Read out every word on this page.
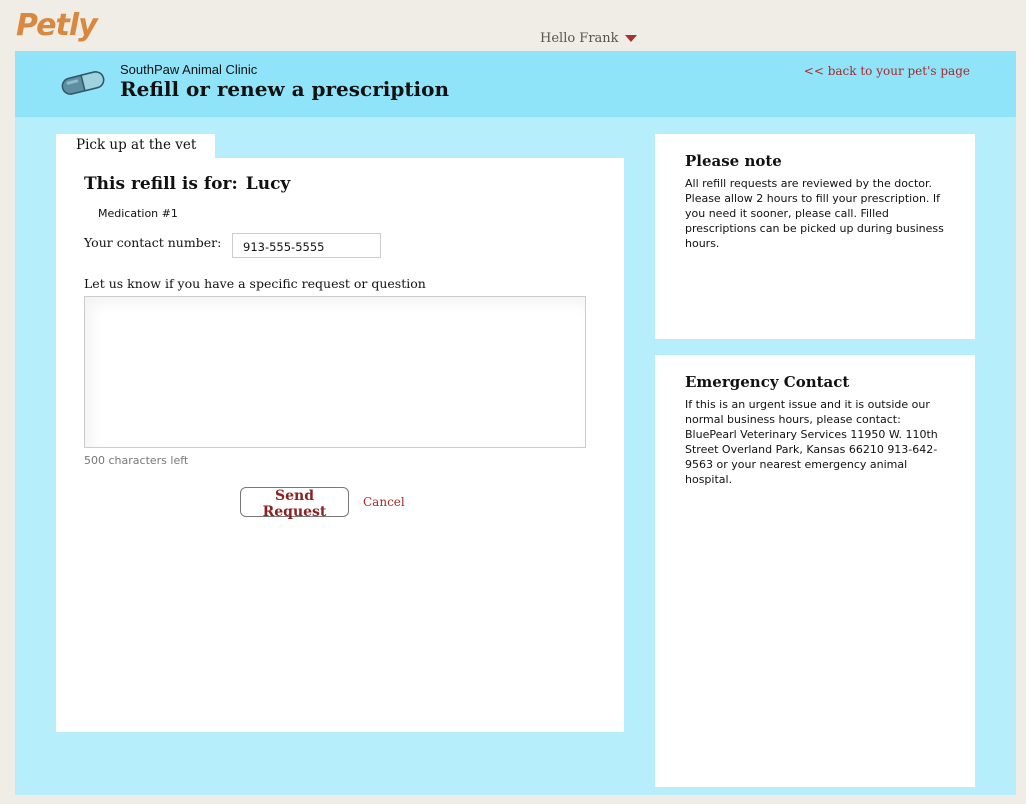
Petly	Hello Frank
SouthPaw Animal Clinic
Refill or renew a prescription
<< back to your pet's page
Pick up at the vet
This refill is for: Lucy
Medication #1
Your contact number:
913-555-5555
Let us know if you have a specific request or question
500 characters left
Send Request
Cancel
Please note
All refill requests are reviewed by the doctor. Please allow 2 hours to fill your prescription. If you need it sooner, please call. Filled prescriptions can be picked up during business hours.
Emergency Contact
If this is an urgent issue and it is outside our normal business hours, please contact: BluePearl Veterinary Services 11950 W. 110th Street Overland Park, Kansas 66210 913-642-9563 or your nearest emergency animal hospital.
